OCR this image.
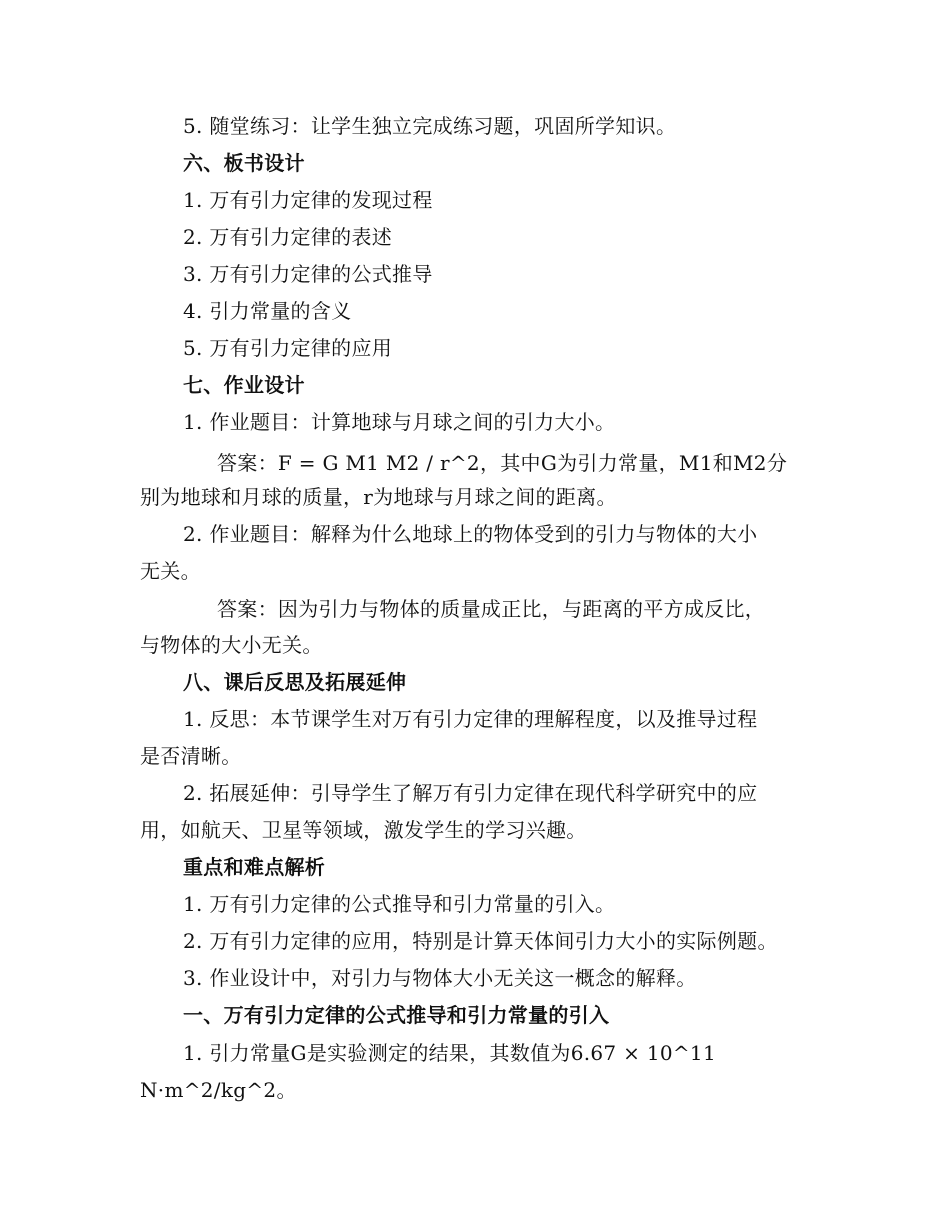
5. 随堂练习：让学生独立完成练习题，巩固所学知识。
六、板书设计
1. 万有引力定律的发现过程
2. 万有引力定律的表述
3. 万有引力定律的公式推导
4. 引力常量的含义
5. 万有引力定律的应用
七、作业设计
1. 作业题目：计算地球与月球之间的引力大小。
答案：F = G M1 M2 / r^2，其中G为引力常量，M1和M2分
别为地球和月球的质量，r为地球与月球之间的距离。
2. 作业题目：解释为什么地球上的物体受到的引力与物体的大小
无关。
答案：因为引力与物体的质量成正比，与距离的平方成反比，
与物体的大小无关。
八、课后反思及拓展延伸
1. 反思：本节课学生对万有引力定律的理解程度，以及推导过程
是否清晰。
2. 拓展延伸：引导学生了解万有引力定律在现代科学研究中的应
用，如航天、卫星等领域，激发学生的学习兴趣。
重点和难点解析
1. 万有引力定律的公式推导和引力常量的引入。
2. 万有引力定律的应用，特别是计算天体间引力大小的实际例题。
3. 作业设计中，对引力与物体大小无关这一概念的解释。
一、万有引力定律的公式推导和引力常量的引入
1. 引力常量G是实验测定的结果，其数值为6.67 × 10^11
N·m^2/kg^2。
